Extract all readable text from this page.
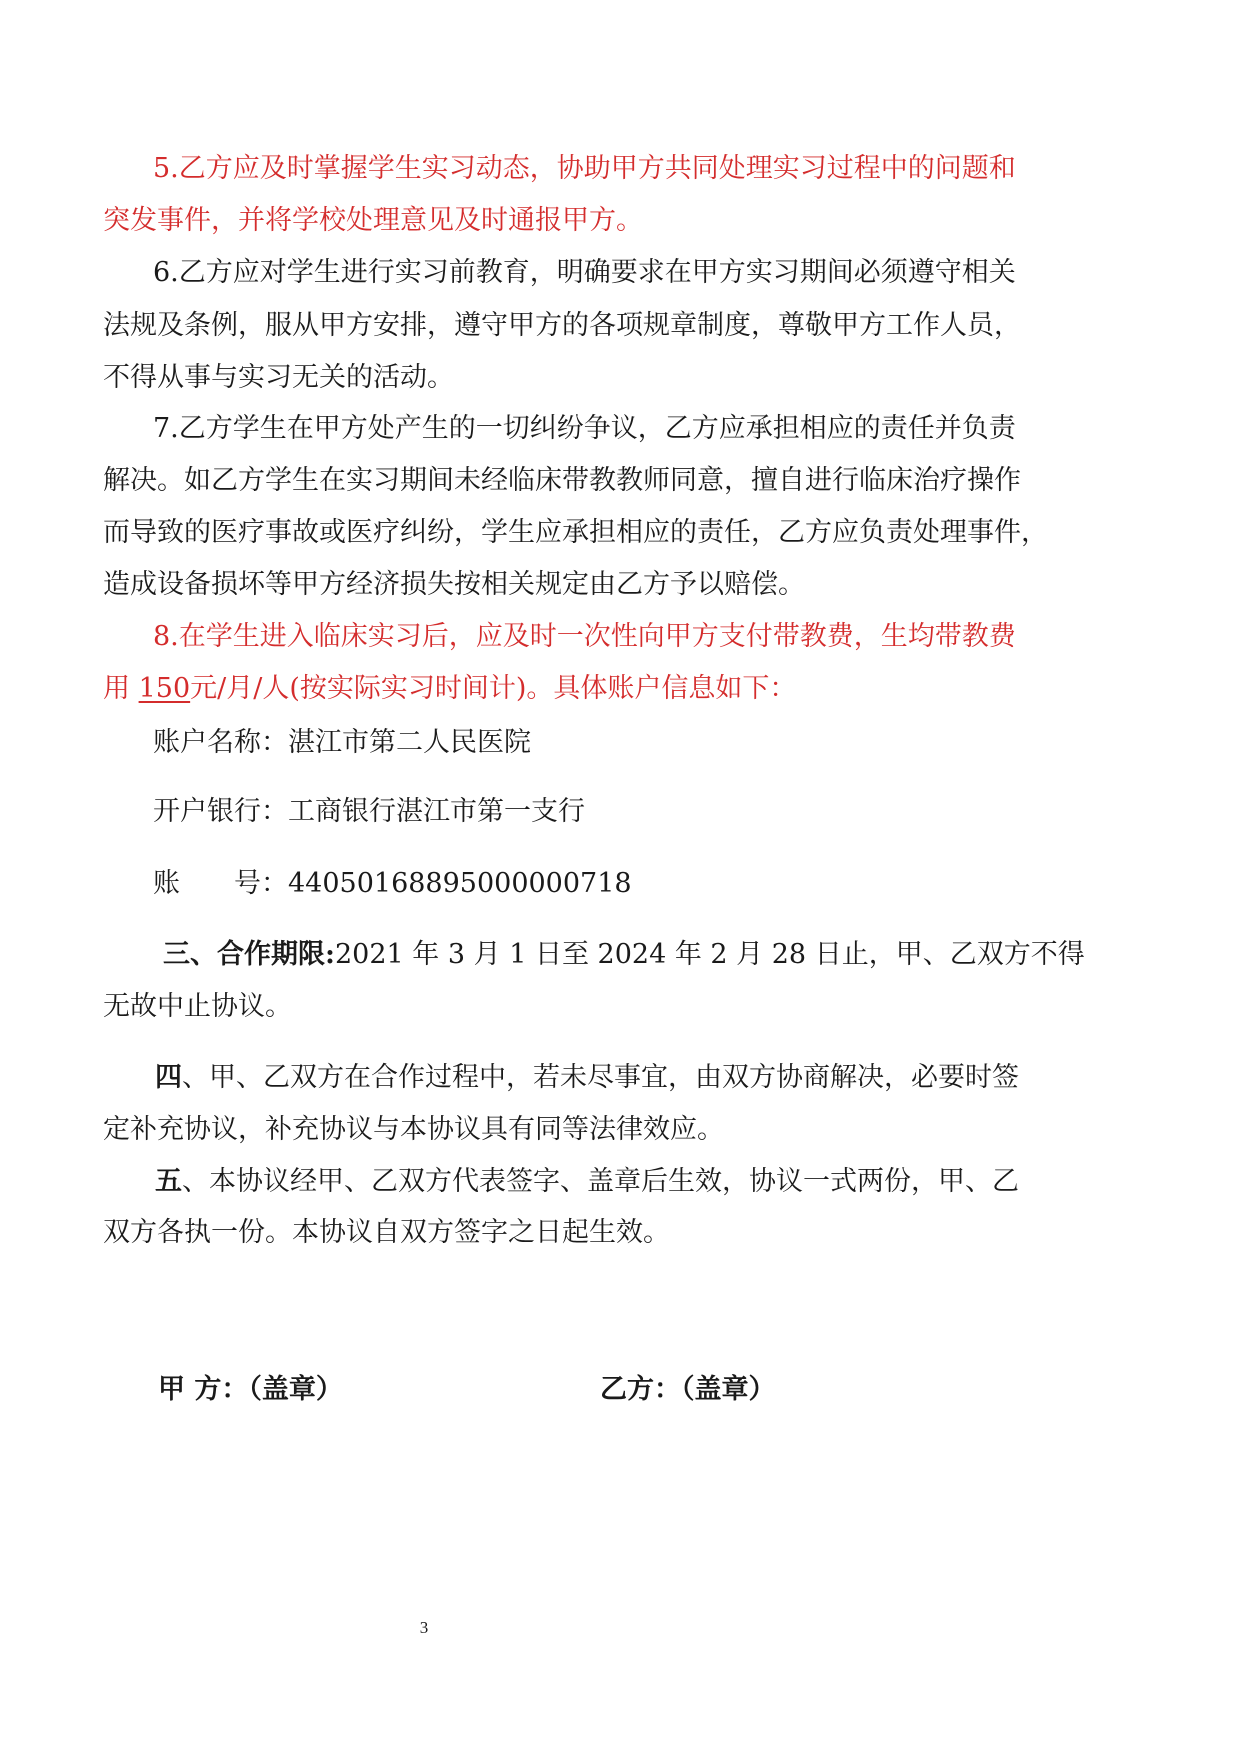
5.乙方应及时掌握学生实习动态，协助甲方共同处理实习过程中的问题和
突发事件，并将学校处理意见及时通报甲方。
6.乙方应对学生进行实习前教育，明确要求在甲方实习期间必须遵守相关
法规及条例，服从甲方安排，遵守甲方的各项规章制度，尊敬甲方工作人员，
不得从事与实习无关的活动。
7.乙方学生在甲方处产生的一切纠纷争议，乙方应承担相应的责任并负责
解决。如乙方学生在实习期间未经临床带教教师同意，擅自进行临床治疗操作
而导致的医疗事故或医疗纠纷，学生应承担相应的责任，乙方应负责处理事件，
造成设备损坏等甲方经济损失按相关规定由乙方予以赔偿。
8.在学生进入临床实习后，应及时一次性向甲方支付带教费，生均带教费
用 150元/月/人(按实际实习时间计)。具体账户信息如下：
账户名称：湛江市第二人民医院
开户银行：工商银行湛江市第一支行
账 号：44050168895000000718
三、合作期限:2021 年 3 月 1 日至 2024 年 2 月 28 日止，甲、乙双方不得
无故中止协议。
四、甲、乙双方在合作过程中，若未尽事宜，由双方协商解决，必要时签
定补充协议，补充协议与本协议具有同等法律效应。
五、本协议经甲、乙双方代表签字、盖章后生效，协议一式两份，甲、乙
双方各执一份。本协议自双方签字之日起生效。
甲 方：（盖章）	乙方：（盖章）
3
